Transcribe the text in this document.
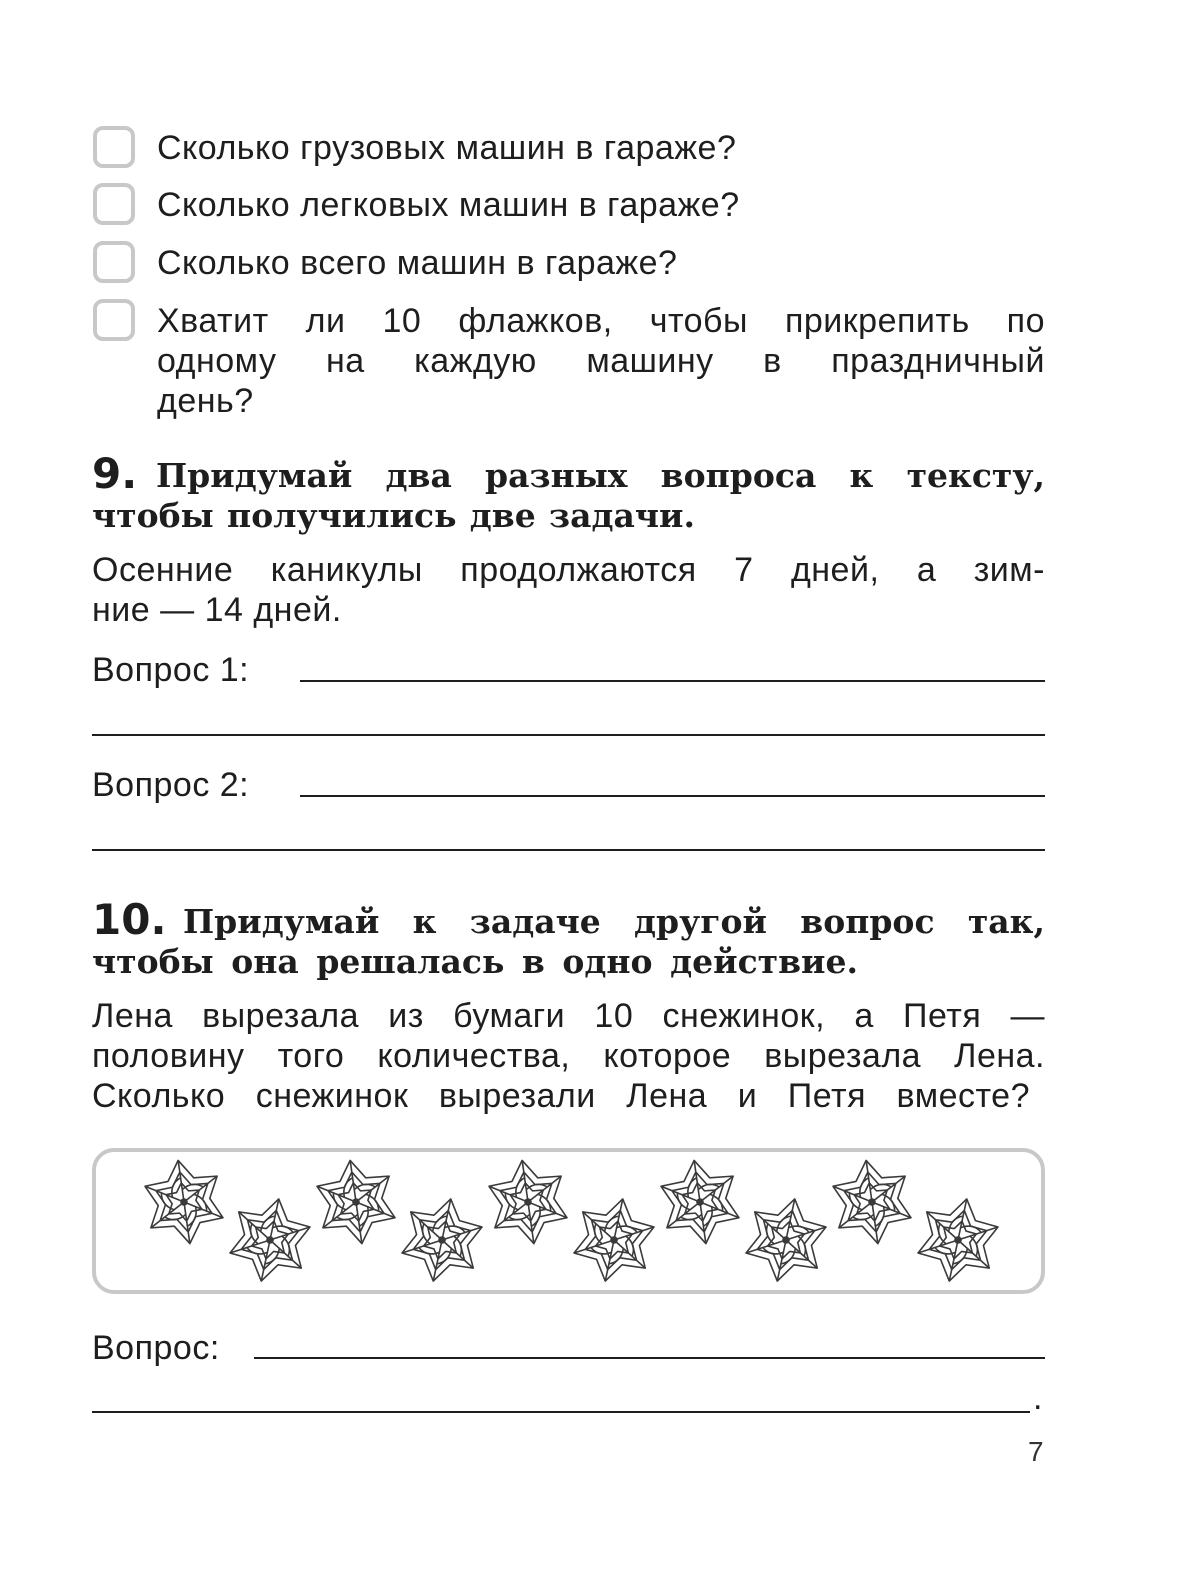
Сколько грузовых машин в гараже?
Сколько легковых машин в гараже?
Сколько всего машин в гараже?
Хватит ли 10 флажков, чтобы прикрепить по
одному на каждую машину в праздничный
день?
9. Придумай два разных вопроса к тексту,
чтобы получились две задачи.
Осенние каникулы продолжаются 7 дней, а зим-
ние — 14 дней.
Вопрос 1:
Вопрос 2:
10. Придумай к задаче другой вопрос так,
чтобы она решалась в одно действие.
Лена вырезала из бумаги 10 снежинок, а Петя —
половину того количества, которое вырезала Лена.
Сколько снежинок вырезали Лена и Петя вместе?
Вопрос:
.
7
